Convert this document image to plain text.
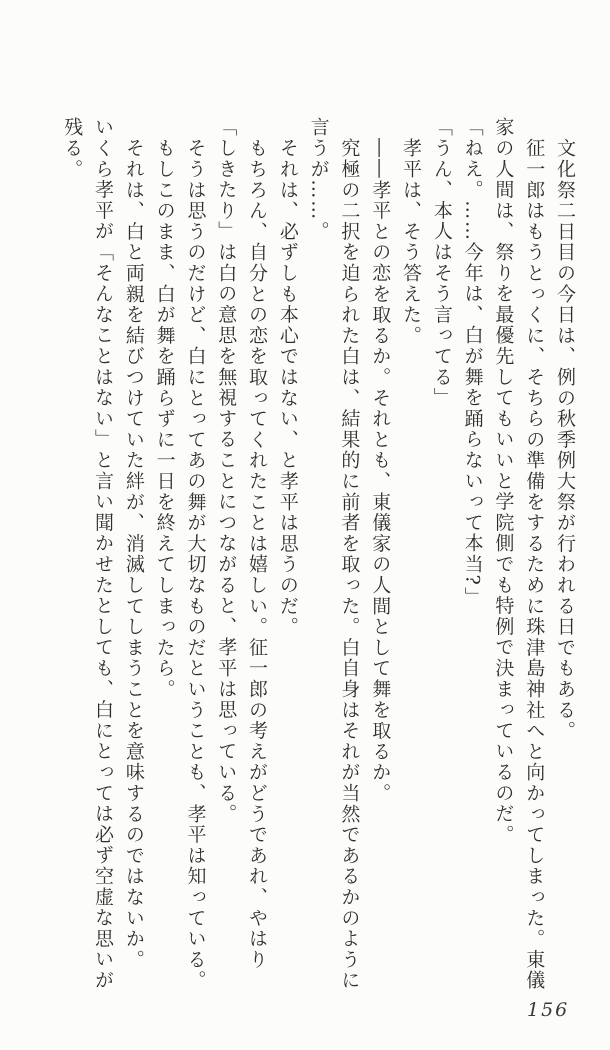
文化祭二日目の今日は、例の秋季例大祭が行われる日でもある。
征一郎はもうとっくに、そちらの準備をするために珠津島神社へと向かってしまった。東儀
家の人間は、祭りを最優先してもいいと学院側でも特例で決まっているのだ。
「ねえ。……今年は、白が舞を踊らないって本当?」
「うん、本人はそう言ってる」
孝平は、そう答えた。
――孝平との恋を取るか。それとも、東儀家の人間として舞を取るか。
究極の二択を迫られた白は、結果的に前者を取った。白自身はそれが当然であるかのように
言うが……。
それは、必ずしも本心ではない、と孝平は思うのだ。
もちろん、自分との恋を取ってくれたことは嬉しい。征一郎の考えがどうであれ、やはり
「しきたり」は白の意思を無視することにつながると、孝平は思っている。
そうは思うのだけど、白にとってあの舞が大切なものだということも、孝平は知っている。
もしこのまま、白が舞を踊らずに一日を終えてしまったら。
それは、白と両親を結びつけていた絆が、消滅してしまうことを意味するのではないか。
いくら孝平が「そんなことはない」と言い聞かせたとしても、白にとっては必ず空虚な思いが
残る。
156
